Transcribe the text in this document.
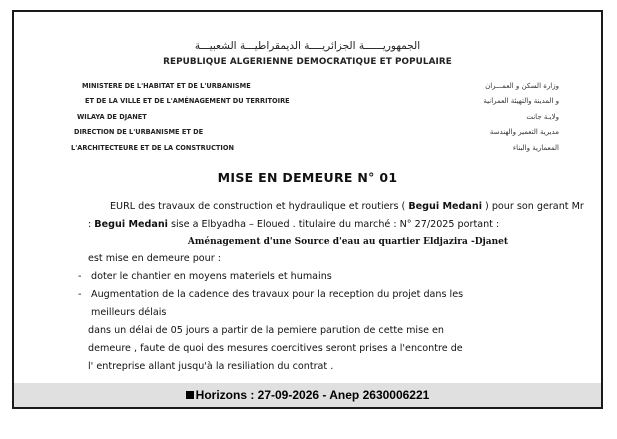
الجمهوريــــــة الجزائريــــة الديمقراطيـــة الشعبيـــة
REPUBLIQUE ALGERIENNE DEMOCRATIQUE ET POPULAIRE
MINISTERE DE L'HABITAT ET DE L'URBANISME
ET DE LA VILLE ET DE L'AMÉNAGEMENT DU TERRITOIRE
WILAYA DE DJANET
DIRECTION DE L'URBANISME ET DE
L'ARCHITECTEURE ET DE LA CONSTRUCTION
وزارة السكن و العمـــران
و المدينة والتهيئة العمرانية
ولايـة جانت
مديرية التعمير والهندسة
المعمارية والبناء
MISE EN DEMEURE N° 01
EURL des travaux de construction et hydraulique et routiers ( Begui Medani ) pour son gerant Mr : Begui Medani sise a Elbyadha – Eloued . titulaire du marché : N° 27/2025 portant :
Aménagement d'une Source d'eau au quartier Eldjazira -Djanet
est mise en demeure pour :
- doter le chantier en moyens materiels et humains
- Augmentation de la cadence des travaux pour la reception du projet dans les
meilleurs délais
dans un délai de 05 jours a partir de la pemiere parution de cette mise en
demeure , faute de quoi des mesures coercitives seront prises a l'encontre de
l' entreprise allant jusqu'à la resiliation du contrat .
Horizons : 27-09-2026 - Anep 2630006221
